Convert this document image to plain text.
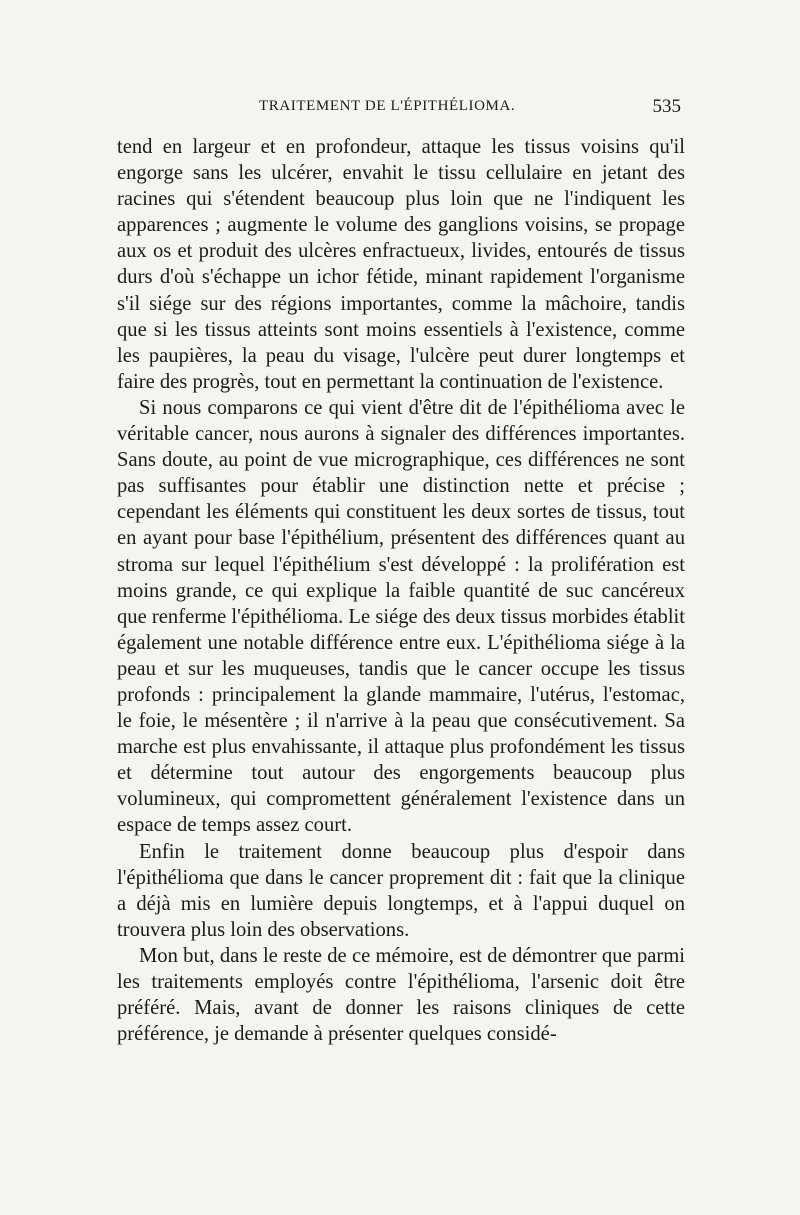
TRAITEMENT DE L'ÉPITHÉLIOMA.	535

tend en largeur et en profondeur, attaque les tissus voisins qu'il engorge sans les ulcérer, envahit le tissu cellulaire en jetant des racines qui s'étendent beaucoup plus loin que ne l'indiquent les apparences ; augmente le volume des ganglions voisins, se propage aux os et produit des ulcères enfractueux, livides, entourés de tissus durs d'où s'échappe un ichor fétide, minant rapidement l'organisme s'il siége sur des régions importantes, comme la mâchoire, tandis que si les tissus atteints sont moins essentiels à l'existence, comme les paupières, la peau du visage, l'ulcère peut durer longtemps et faire des progrès, tout en permettant la continuation de l'existence.

Si nous comparons ce qui vient d'être dit de l'épithélioma avec le véritable cancer, nous aurons à signaler des différences importantes. Sans doute, au point de vue micrographique, ces différences ne sont pas suffisantes pour établir une distinction nette et précise ; cependant les éléments qui constituent les deux sortes de tissus, tout en ayant pour base l'épithélium, présentent des différences quant au stroma sur lequel l'épithélium s'est développé : la prolifération est moins grande, ce qui explique la faible quantité de suc cancéreux que renferme l'épithélioma. Le siége des deux tissus morbides établit également une notable différence entre eux. L'épithélioma siége à la peau et sur les muqueuses, tandis que le cancer occupe les tissus profonds : principalement la glande mammaire, l'utérus, l'estomac, le foie, le mésentère ; il n'arrive à la peau que consécutivement. Sa marche est plus envahissante, il attaque plus profondément les tissus et détermine tout autour des engorgements beaucoup plus volumineux, qui compromettent généralement l'existence dans un espace de temps assez court.

Enfin le traitement donne beaucoup plus d'espoir dans l'épithélioma que dans le cancer proprement dit : fait que la clinique a déjà mis en lumière depuis longtemps, et à l'appui duquel on trouvera plus loin des observations.

Mon but, dans le reste de ce mémoire, est de démontrer que parmi les traitements employés contre l'épithélioma, l'arsenic doit être préféré. Mais, avant de donner les raisons cliniques de cette préférence, je demande à présenter quelques considé-
